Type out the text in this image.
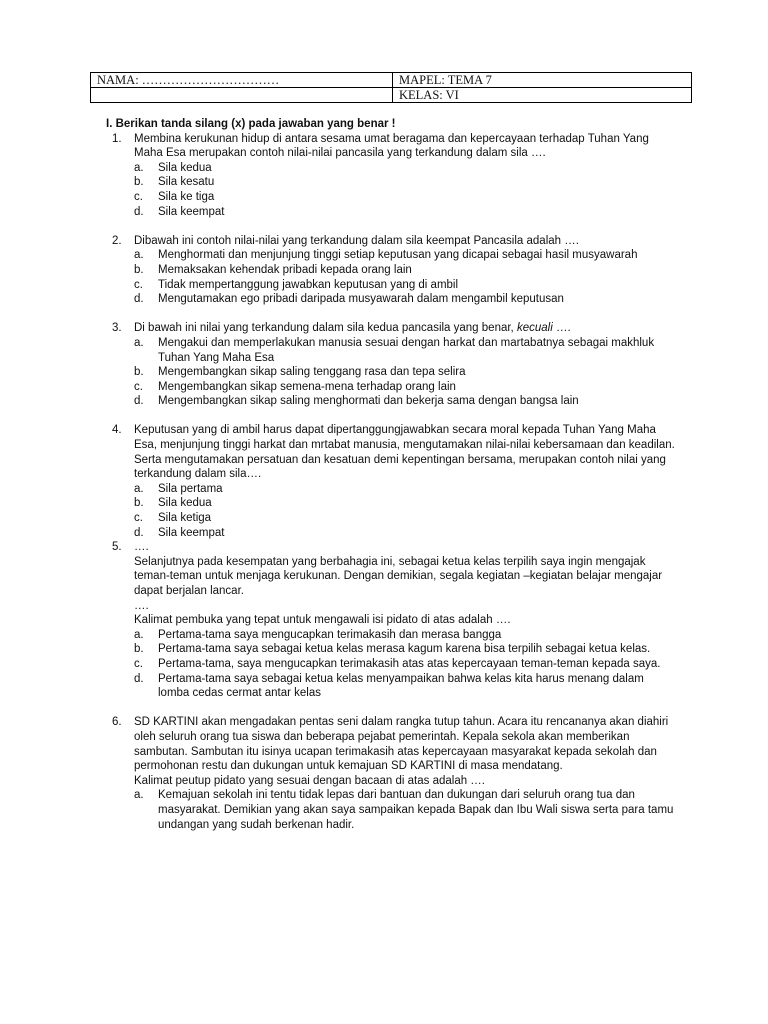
NAMA: ……………………………	MAPEL: TEMA 7
	KELAS: VI
I. Berikan tanda silang (x) pada jawaban yang benar !
1. Membina kerukunan hidup di antara sesama umat beragama dan kepercayaan terhadap Tuhan Yang Maha Esa merupakan contoh nilai-nilai pancasila yang terkandung dalam sila ….
a. Sila kedua
b. Sila kesatu
c. Sila ke tiga
d. Sila keempat
2. Dibawah ini contoh nilai-nilai yang terkandung dalam sila keempat Pancasila adalah ….
a. Menghormati dan menjunjung tinggi setiap keputusan yang dicapai sebagai hasil musyawarah
b. Memaksakan kehendak pribadi kepada orang lain
c. Tidak mempertanggung jawabkan keputusan yang di ambil
d. Mengutamakan ego pribadi daripada musyawarah dalam mengambil keputusan
3. Di bawah ini nilai yang terkandung dalam sila kedua pancasila yang benar, kecuali ….
a. Mengakui dan memperlakukan manusia sesuai dengan harkat dan martabatnya sebagai makhluk Tuhan Yang Maha Esa
b. Mengembangkan sikap saling tenggang rasa dan tepa selira
c. Mengembangkan sikap semena-mena terhadap orang lain
d. Mengembangkan sikap saling menghormati dan bekerja sama dengan bangsa lain
4. Keputusan yang di ambil harus dapat dipertanggungjawabkan secara moral kepada Tuhan Yang Maha Esa, menjunjung tinggi harkat dan mrtabat manusia, mengutamakan nilai-nilai kebersamaan dan keadilan. Serta mengutamakan persatuan dan kesatuan demi kepentingan bersama, merupakan contoh nilai yang terkandung dalam sila….
a. Sila pertama
b. Sila kedua
c. Sila ketiga
d. Sila keempat
5. ….
Selanjutnya pada kesempatan yang berbahagia ini, sebagai ketua kelas terpilih saya ingin mengajak teman-teman untuk menjaga kerukunan. Dengan demikian, segala kegiatan –kegiatan belajar mengajar dapat berjalan lancar.
….
Kalimat pembuka yang tepat untuk mengawali isi pidato di atas adalah ….
a. Pertama-tama saya mengucapkan terimakasih dan merasa bangga
b. Pertama-tama saya sebagai ketua kelas merasa kagum karena bisa terpilih sebagai ketua kelas.
c. Pertama-tama, saya mengucapkan terimakasih atas atas kepercayaan teman-teman kepada saya.
d. Pertama-tama saya sebagai ketua kelas menyampaikan bahwa kelas kita harus menang dalam lomba cedas cermat antar kelas
6. SD KARTINI akan mengadakan pentas seni dalam rangka tutup tahun. Acara itu rencananya akan diahiri oleh seluruh orang tua siswa dan beberapa pejabat pemerintah. Kepala sekola akan memberikan sambutan. Sambutan itu isinya ucapan terimakasih atas kepercayaan masyarakat kepada sekolah dan permohonan restu dan dukungan untuk kemajuan SD KARTINI di masa mendatang.
Kalimat peutup pidato yang sesuai dengan bacaan di atas adalah ….
a. Kemajuan sekolah ini tentu tidak lepas dari bantuan dan dukungan dari seluruh orang tua dan masyarakat. Demikian yang akan saya sampaikan kepada Bapak dan Ibu Wali siswa serta para tamu undangan yang sudah berkenan hadir.
